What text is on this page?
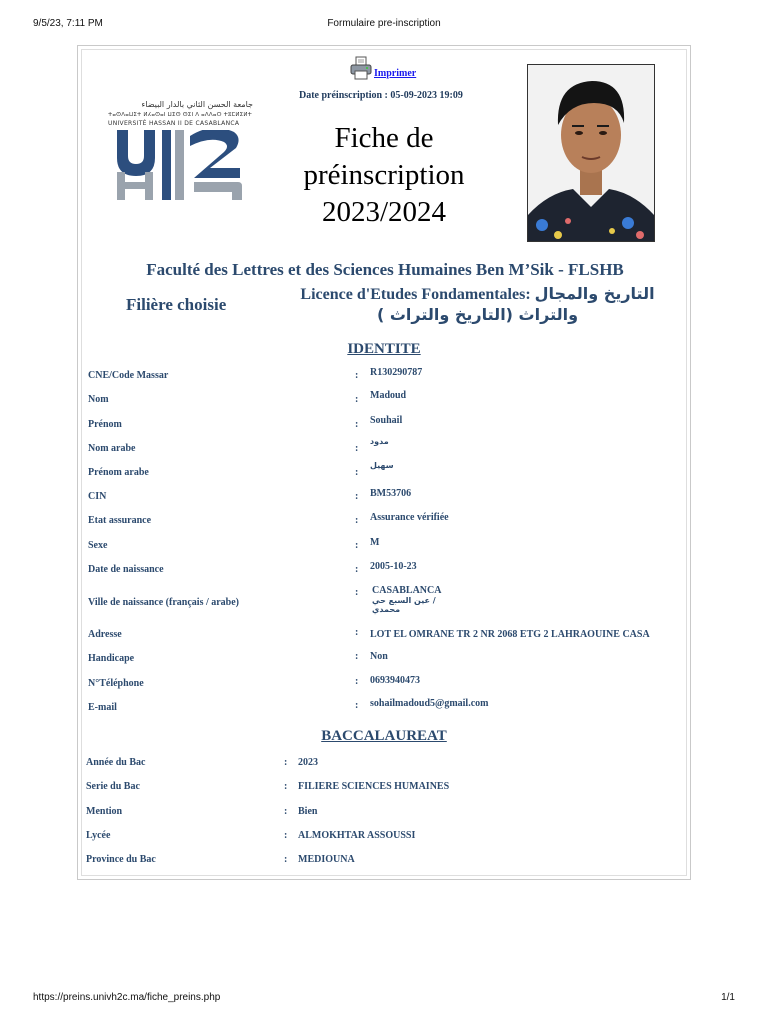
9/5/23, 7:11 PM	Formulaire pre-inscription
جامعة الحسن الثاني بالدار البيضاء
ⵜⴰⵙⴷⴰⵡⵉⵜ ⵍⵃⴰⵙⴰⵏ ⵡⵉⵙ ⵙⵉⵏ ⴷ ⴰⴷⴷⴰⵔ ⵜⵓⵎⵍⵉⵍⵜ
UNIVERSITÉ HASSAN II DE CASABLANCA
Imprimer
Date préinscription : 05-09-2023 19:09
Fiche de
préinscription
2023/2024
Faculté des Lettres et des Sciences Humaines Ben M’Sik - FLSHB
Filière choisie
Licence d'Etudes Fondamentales: التاريخ والمجال
والتراث (التاريخ والتراث )
IDENTITE
CNE/Code Massar	: R130290787
Nom	: Madoud
Prénom	: Souhail
Nom arabe	:
مدود
Prénom arabe	:
سهيل
CIN	: BM53706
Etat assurance	: Assurance vérifiée
Sexe	: M
Date de naissance	: 2005-10-23
Ville de naissance (français / arabe)
: CASABLANCA
عين السبع حي /
محمدي
Adresse	: LOT EL OMRANE TR 2 NR 2068 ETG 2 LAHRAOUINE CASA
Handicape	: Non
N°Téléphone	: 0693940473
E-mail	: sohailmadoud5@gmail.com
BACCALAUREAT
Année du Bac	: 2023
Serie du Bac	: FILIERE SCIENCES HUMAINES
Mention	: Bien
Lycée	: ALMOKHTAR ASSOUSSI
Province du Bac	: MEDIOUNA
https://preins.univh2c.ma/fiche_preins.php	1/1
